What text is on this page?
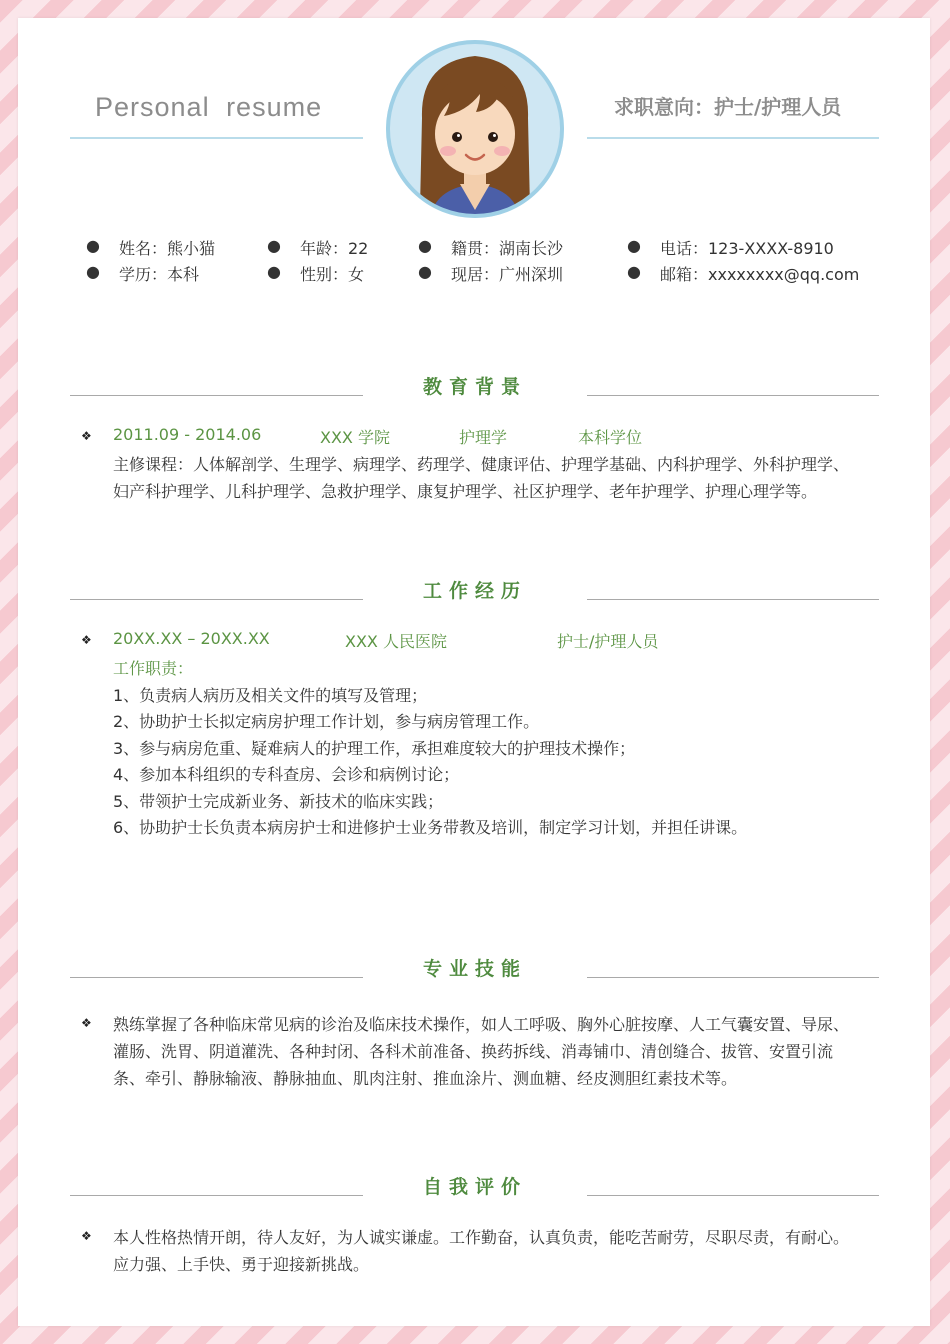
Personal resume	求职意向：护士/护理人员
● 姓名：熊小猫	● 年龄：22	● 籍贯：湖南长沙	● 电话：123-XXXX-8910
● 学历：本科	● 性别：女	● 现居：广州深圳	● 邮箱：xxxxxxxx@qq.com
教育背景
❖ 2011.09 - 2014.06	XXX 学院	护理学	本科学位
主修课程：人体解剖学、生理学、病理学、药理学、健康评估、护理学基础、内科护理学、外科护理学、
妇产科护理学、儿科护理学、急救护理学、康复护理学、社区护理学、老年护理学、护理心理学等。
工作经历
❖ 20XX.XX – 20XX.XX	XXX 人民医院	护士/护理人员
工作职责：
1、负责病人病历及相关文件的填写及管理；
2、协助护士长拟定病房护理工作计划，参与病房管理工作。
3、参与病房危重、疑难病人的护理工作，承担难度较大的护理技术操作；
4、参加本科组织的专科查房、会诊和病例讨论；
5、带领护士完成新业务、新技术的临床实践；
6、协助护士长负责本病房护士和进修护士业务带教及培训，制定学习计划，并担任讲课。
专业技能
❖ 熟练掌握了各种临床常见病的诊治及临床技术操作，如人工呼吸、胸外心脏按摩、人工气囊安置、导尿、
灌肠、洗胃、阴道灌洗、各种封闭、各科术前准备、换药拆线、消毒铺巾、清创缝合、拔管、安置引流
条、牵引、静脉输液、静脉抽血、肌肉注射、推血涂片、测血糖、经皮测胆红素技术等。
自我评价
❖ 本人性格热情开朗，待人友好，为人诚实谦虚。工作勤奋，认真负责，能吃苦耐劳，尽职尽责，有耐心。
应力强、上手快、勇于迎接新挑战。
